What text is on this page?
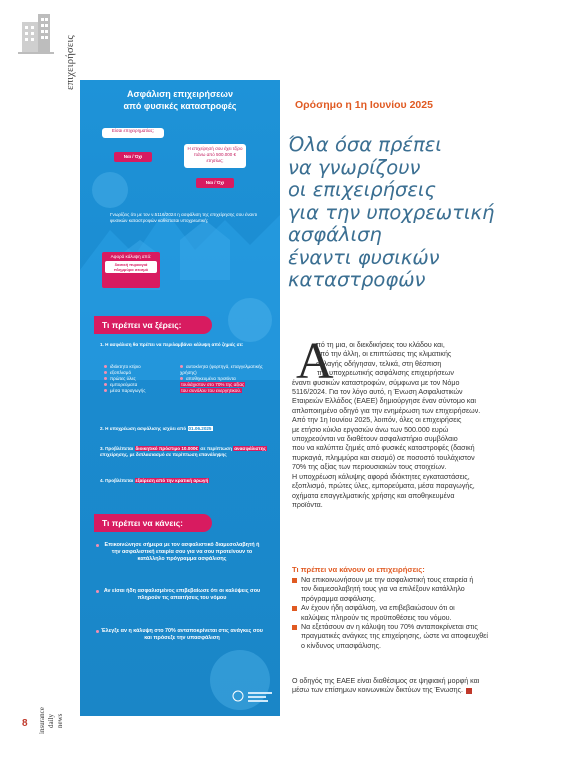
επιχειρήσεις
insurance daily news
8
Ασφάλιση επιχειρήσεων
από φυσικές καταστροφές
Είσαι επιχειρηματίας;
Ναι / Όχι
Η επιχείρησή σου έχει τζίρο πάνω από 500.000 € ετησίως;
Ναι / Όχι
Γνωρίζεις ότι με τον ν.5116/2024 η ασφάλιση της επιχείρησης σου έναντι φυσικών καταστροφών καθίσταται υποχρεωτική;
Αφορά κάλυψη από:
δασική πυρκαγιά πλημμύρα σεισμό
Τι πρέπει να ξέρεις:
1. Η ασφάλιση θα πρέπει να περιλαμβάνει κάλυψη από ζημιές σε:
ιδιόκτητο κτίριο
εξοπλισμό
πρώτες ύλες
εμπορεύματα
μέσα παραγωγής
αυτοκίνητα (φορτηγά, επαγγελματικής χρήσης)
αποθηκευμένα προϊόντα
τουλάχιστον στο 70% της αξίας
του συνόλου του ενεργητικού.
2. Η υποχρέωση ασφάλισης ισχύει από 01.06.2025
3. Προβλέπεται διοικητικό πρόστιμο 10.000€ σε περίπτωση ανασφάλιστης επιχείρησης, με διπλασιασμό σε περίπτωση επανάληψης
4. Προβλέπεται εξαίρεση από την κρατική αρωγή
Τι πρέπει να κάνεις:
Επικοινώνησε σήμερα με τον ασφαλιστικό διαμεσολαβητή ή την ασφαλιστική εταιρία σου για να σου προτείνουν το κατάλληλο πρόγραμμα ασφάλισης
Αν είσαι ήδη ασφαλισμένος επιβεβαίωσε ότι οι καλύψεις σου πληρούν τις απαιτήσεις του νόμου
Έλεγξε αν η κάλυψη στο 70% ανταποκρίνεται στις ανάγκες σου και πρόσεξε την υπασφάλιση
Ορόσημο η 1η Ιουνίου 2025
Όλα όσα πρέπει
να γνωρίζουν
οι επιχειρήσεις
για την υποχρεωτική
ασφάλιση
έναντι φυσικών
καταστροφών
Α
πό τη μια, οι διεκδικήσεις του κλάδου και,
από την άλλη, οι επιπτώσεις της κλιματικής
αλλαγής οδήγησαν, τελικά, στη θέσπιση
της υποχρεωτικής ασφάλισης επιχειρήσεων
έναντι φυσικών καταστροφών, σύμφωνα με τον Νόμο
5116/2024. Για τον λόγο αυτό, η Ένωση Ασφαλιστικών
Εταιρειών Ελλάδος (ΕΑΕΕ) δημιούργησε έναν σύντομο και
απλοποιημένο οδηγό για την ενημέρωση των επιχειρήσεων.
Από την 1η Ιουνίου 2025, λοιπόν, όλες οι επιχειρήσεις
με ετήσιο κύκλο εργασιών άνω των 500.000 ευρώ
υποχρεούνται να διαθέτουν ασφαλιστήριο συμβόλαιο
που να καλύπτει ζημιές από φυσικές καταστροφές (δασική
πυρκαγιά, πλημμύρα και σεισμό) σε ποσοστό τουλάχιστον
70% της αξίας των περιουσιακών τους στοιχείων.
Η υποχρέωση κάλυψης αφορά ιδιόκτητες εγκαταστάσεις,
εξοπλισμό, πρώτες ύλες, εμπορεύματα, μέσα παραγωγής,
οχήματα επαγγελματικής χρήσης και αποθηκευμένα
προϊόντα.
Τι πρέπει να κάνουν οι επιχειρήσεις:
Να επικοινωνήσουν με την ασφαλιστική τους εταιρεία ή
τον διαμεσολαβητή τους για να επιλέξουν κατάλληλο
πρόγραμμα ασφάλισης.
Αν έχουν ήδη ασφάλιση, να επιβεβαιώσουν ότι οι
καλύψεις πληρούν τις προϋποθέσεις του νόμου.
Να εξετάσουν αν η κάλυψη του 70% ανταποκρίνεται στις
πραγματικές ανάγκες της επιχείρησης, ώστε να αποφευχθεί
ο κίνδυνος υπασφάλισης.
Ο οδηγός της ΕΑΕΕ είναι διαθέσιμος σε ψηφιακή μορφή και
μέσω των επίσημων κοινωνικών δικτύων της Ένωσης.
